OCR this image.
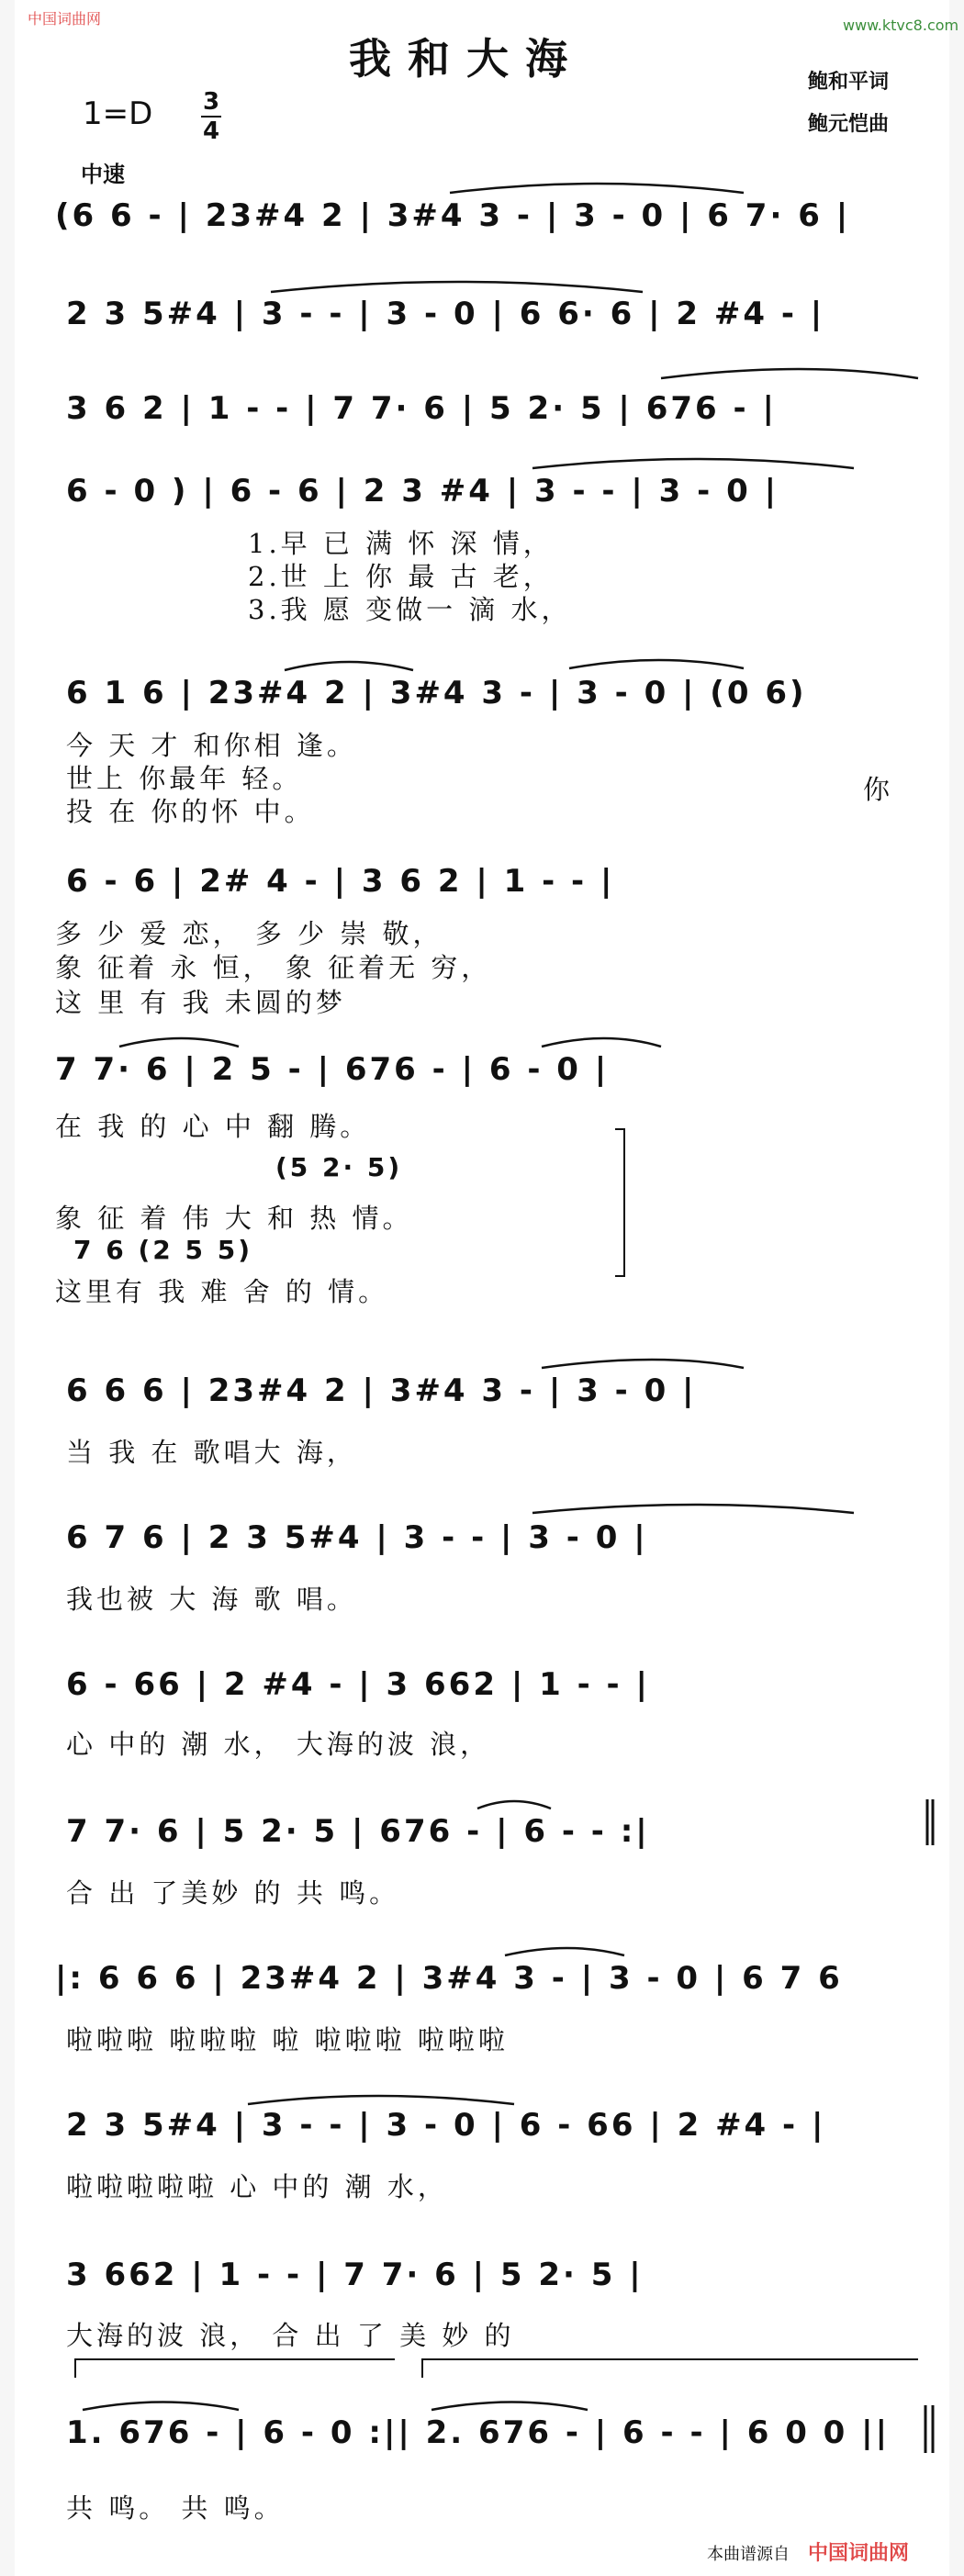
中国词曲网	www.ktvc8.com
我和大海	鲍和平词
鲍元恺曲
1=D	3
4
中速
(6 6 - | 23#4 2 | 3#4 3 - | 3 - 0 | 6 7· 6 |
2 3 5#4 | 3 - - | 3 - 0 | 6 6· 6 | 2 #4 - |
3 6 2 | 1 - - | 7 7· 6 | 5 2· 5 | 676 - |
6 - 0 ) | 6 - 6 | 2 3 #4 | 3 - - | 3 - 0 |
1.早 已 满 怀 深 情，
2.世 上 你 最 古 老，
3.我 愿 变做一 滴 水，
6 1 6 | 23#4 2 | 3#4 3 - | 3 - 0 | (0 6)
今 天 才 和你相 逢。
世上 你最年 轻。
投 在 你的怀 中。
你
6 - 6 | 2# 4 - | 3 6 2 | 1 - - |
多 少 爱 恋， 多 少 崇 敬，
象 征着 永 恒， 象 征着无 穷，
这 里 有 我 未圆的梦
7 7· 6 | 2 5 - | 676 - | 6 - 0 |
在 我 的 心 中 翻 腾。
(5 2· 5)
象 征 着 伟 大 和 热 情。
7 6 (2 5 5)
这里有 我 难 舍 的 情。
6 6 6 | 23#4 2 | 3#4 3 - | 3 - 0 |
当 我 在 歌唱大 海，
6 7 6 | 2 3 5#4 | 3 - - | 3 - 0 |
我也被 大 海 歌 唱。
6 - 66 | 2 #4 - | 3 662 | 1 - - |
心 中的 潮 水， 大海的波 浪，
7 7· 6 | 5 2· 5 | 676 - | 6 - - :|
合 出 了美妙 的 共 鸣。
|: 6 6 6 | 23#4 2 | 3#4 3 - | 3 - 0 | 6 7 6
啦啦啦 啦啦啦 啦 啦啦啦 啦啦啦
2 3 5#4 | 3 - - | 3 - 0 | 6 - 66 | 2 #4 - |
啦啦啦啦啦 心 中的 潮 水，
3 662 | 1 - - | 7 7· 6 | 5 2· 5 |
大海的波 浪， 合 出 了 美 妙 的
1. 676 - | 6 - 0 :|| 2. 676 - | 6 - - | 6 0 0 ||
共 鸣。 共 鸣。
本曲谱源自 中国词曲网
